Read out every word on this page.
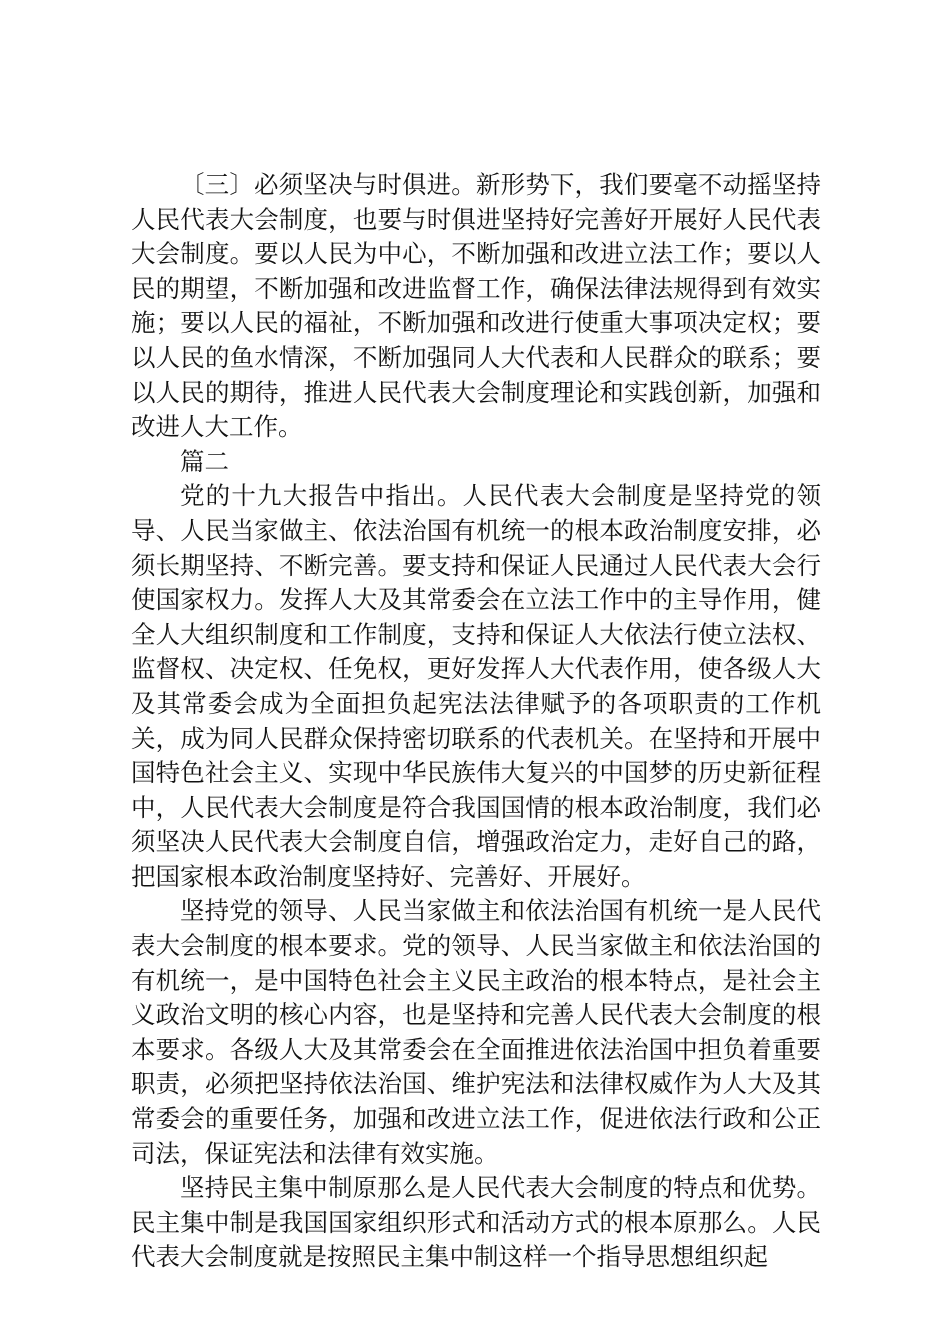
〔三〕必须坚决与时俱进。新形势下，我们要毫不动摇坚持人民代表大会制度，也要与时俱进坚持好完善好开展好人民代表大会制度。要以人民为中心，不断加强和改进立法工作；要以人民的期望，不断加强和改进监督工作，确保法律法规得到有效实施；要以人民的福祉，不断加强和改进行使重大事项决定权；要以人民的鱼水情深，不断加强同人大代表和人民群众的联系；要以人民的期待，推进人民代表大会制度理论和实践创新，加强和改进人大工作。

篇二

党的十九大报告中指出。人民代表大会制度是坚持党的领导、人民当家做主、依法治国有机统一的根本政治制度安排，必须长期坚持、不断完善。要支持和保证人民通过人民代表大会行使国家权力。发挥人大及其常委会在立法工作中的主导作用，健全人大组织制度和工作制度，支持和保证人大依法行使立法权、监督权、决定权、任免权，更好发挥人大代表作用，使各级人大及其常委会成为全面担负起宪法法律赋予的各项职责的工作机关，成为同人民群众保持密切联系的代表机关。在坚持和开展中国特色社会主义、实现中华民族伟大复兴的中国梦的历史新征程中，人民代表大会制度是符合我国国情的根本政治制度，我们必须坚决人民代表大会制度自信，增强政治定力，走好自己的路，把国家根本政治制度坚持好、完善好、开展好。

坚持党的领导、人民当家做主和依法治国有机统一是人民代表大会制度的根本要求。党的领导、人民当家做主和依法治国的有机统一，是中国特色社会主义民主政治的根本特点，是社会主义政治文明的核心内容，也是坚持和完善人民代表大会制度的根本要求。各级人大及其常委会在全面推进依法治国中担负着重要职责，必须把坚持依法治国、维护宪法和法律权威作为人大及其常委会的重要任务，加强和改进立法工作，促进依法行政和公正司法，保证宪法和法律有效实施。

坚持民主集中制原那么是人民代表大会制度的特点和优势。民主集中制是我国国家组织形式和活动方式的根本原那么。人民代表大会制度就是按照民主集中制这样一个指导思想组织起
